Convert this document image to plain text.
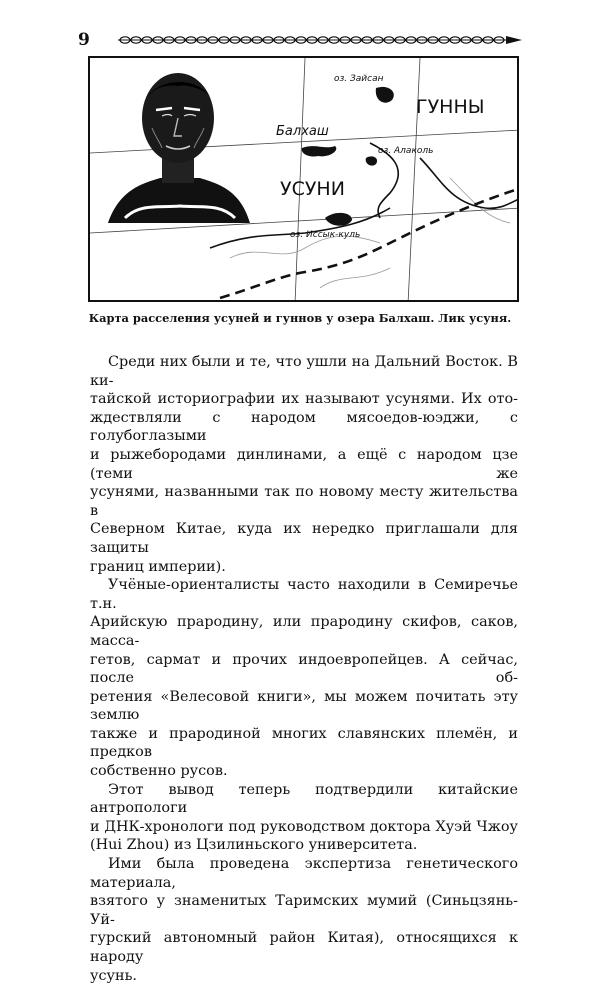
9
оз. Зайсан
ГУННЫ
Балхаш
оз. Алаколь
УСУНИ
оз. Иссык-куль
Карта расселения усуней и гуннов у озера Балхаш. Лик усуня.
Среди них были и те, что ушли на Дальний Восток. В ки-
тайской историографии их называют усунями. Их ото-
ждествляли с народом мясоедов-юэджи, с голубоглазыми
и рыжебородами динлинами, а ещё с народом цзе (теми же
усунями, названными так по новому месту жительства в
Северном Китае, куда их нередко приглашали для защиты
границ империи).
Учёные-ориенталисты часто находили в Семиречье т.н.
Арийскую прародину, или прародину скифов, саков, масса-
гетов, сармат и прочих индоевропейцев. А сейчас, после об-
ретения «Велесовой книги», мы можем почитать эту землю
также и прародиной многих славянских племён, и предков
собственно русов.
Этот вывод теперь подтвердили китайские антропологи
и ДНК-хронологи под руководством доктора Хуэй Чжоу
(Hui Zhou) из Цзилиньского университета.
Ими была проведена экспертиза генетического материала,
взятого у знаменитых Таримских мумий (Синьцзянь-Уй-
гурский автономный район Китая), относящихся к народу
усунь.
